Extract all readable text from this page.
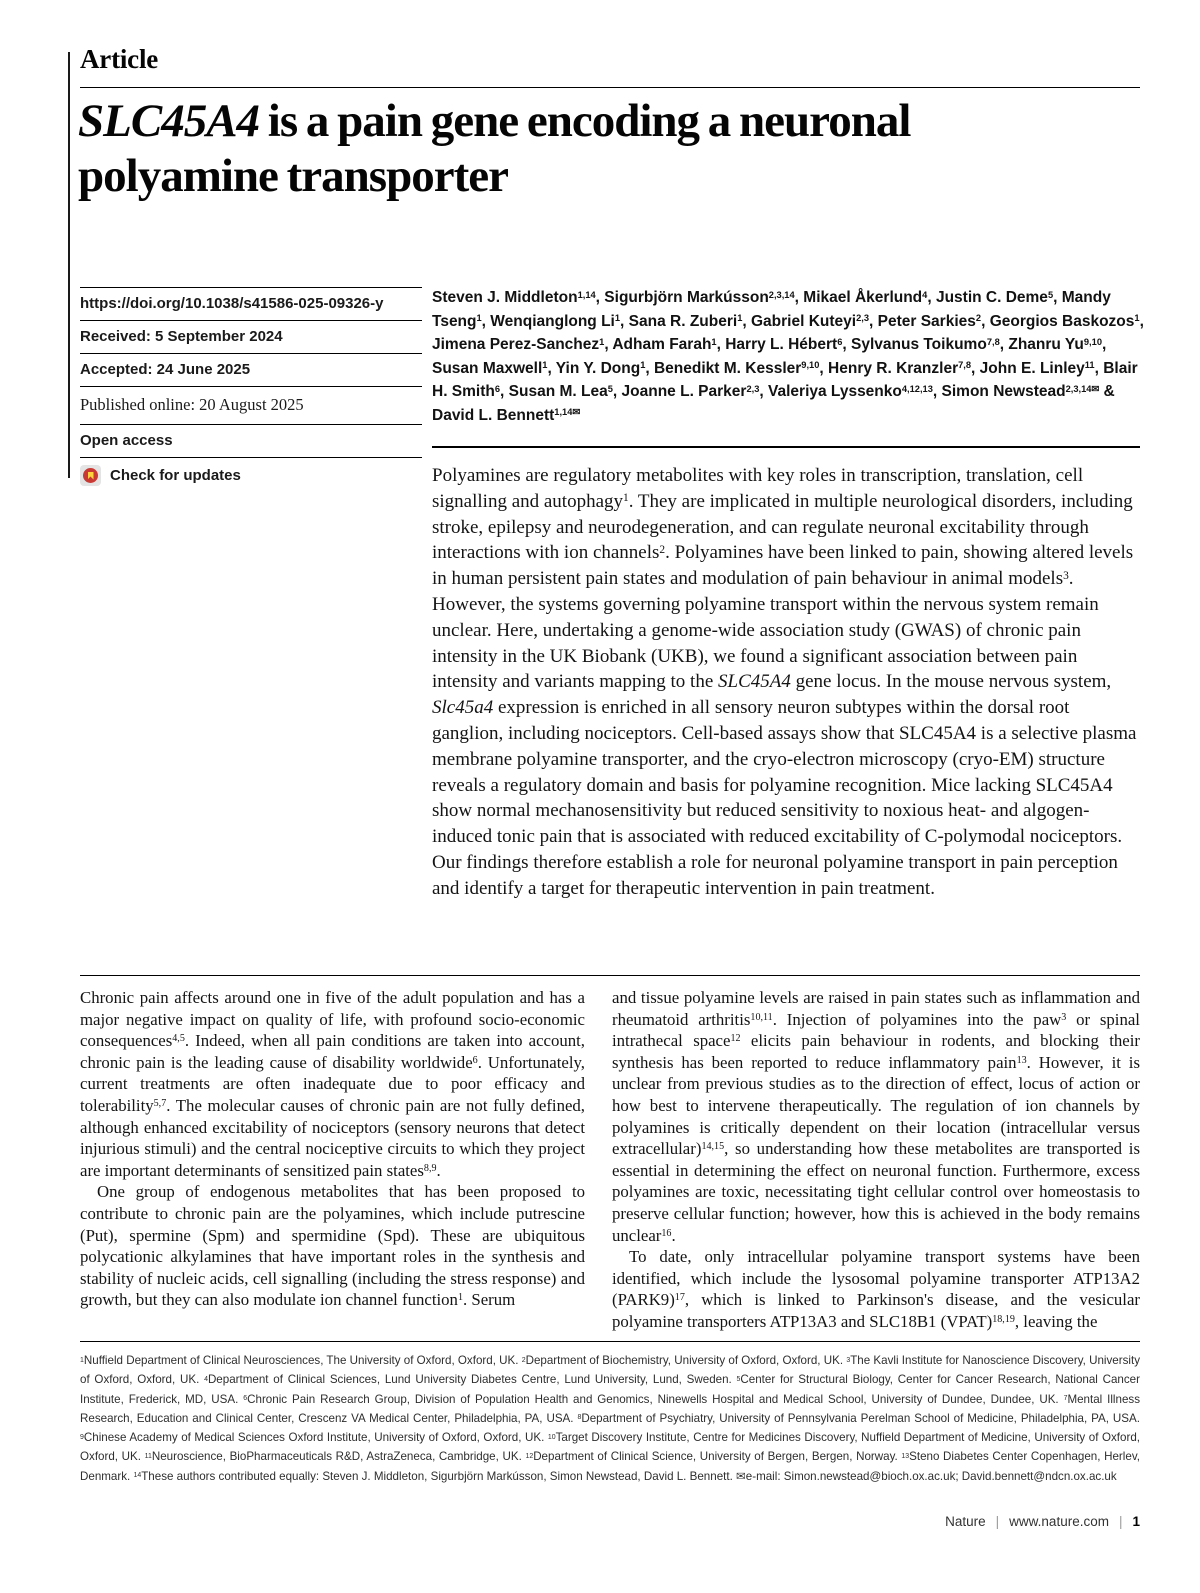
Article
SLC45A4 is a pain gene encoding a neuronal
polyamine transporter
https://doi.org/10.1038/s41586-025-09326-y
Received: 5 September 2024
Accepted: 24 June 2025
Published online: 20 August 2025
Open access
Check for updates
Steven J. Middleton$^{1,14}$, Sigurbjörn Markússon$^{2,3,14}$, Mikael Åkerlund$^4$, Justin C. Deme$^5$, Mandy Tseng$^1$, Wenqianglong Li$^1$, Sana R. Zuberi$^1$, Gabriel Kuteyi$^{2,3}$, Peter Sarkies$^2$, Georgios Baskozos$^1$, Jimena Perez-Sanchez$^1$, Adham Farah$^1$, Harry L. Hébert$^6$, Sylvanus Toikumo$^{7,8}$, Zhanru Yu$^{9,10}$, Susan Maxwell$^1$, Yin Y. Dong$^1$, Benedikt M. Kessler$^{9,10}$, Henry R. Kranzler$^{7,8}$, John E. Linley$^{11}$, Blair H. Smith$^6$, Susan M. Lea$^5$, Joanne L. Parker$^{2,3}$, Valeriya Lyssenko$^{4,12,13}$, Simon Newstead$^{2,3,14✉}$ & David L. Bennett$^{1,14✉}$
Polyamines are regulatory metabolites with key roles in transcription, translation, cell signalling and autophagy$^1$. They are implicated in multiple neurological disorders, including stroke, epilepsy and neurodegeneration, and can regulate neuronal excitability through interactions with ion channels$^2$. Polyamines have been linked to pain, showing altered levels in human persistent pain states and modulation of pain behaviour in animal models$^3$. However, the systems governing polyamine transport within the nervous system remain unclear. Here, undertaking a genome-wide association study (GWAS) of chronic pain intensity in the UK Biobank (UKB), we found a significant association between pain intensity and variants mapping to the SLC45A4 gene locus. In the mouse nervous system, Slc45a4 expression is enriched in all sensory neuron subtypes within the dorsal root ganglion, including nociceptors. Cell-based assays show that SLC45A4 is a selective plasma membrane polyamine transporter, and the cryo-electron microscopy (cryo-EM) structure reveals a regulatory domain and basis for polyamine recognition. Mice lacking SLC45A4 show normal mechanosensitivity but reduced sensitivity to noxious heat- and algogen-induced tonic pain that is associated with reduced excitability of C-polymodal nociceptors. Our findings therefore establish a role for neuronal polyamine transport in pain perception and identify a target for therapeutic intervention in pain treatment.

Chronic pain affects around one in five of the adult population and has a major negative impact on quality of life, with profound socio-economic consequences$^{4,5}$. Indeed, when all pain conditions are taken into account, chronic pain is the leading cause of disability worldwide$^6$. Unfortunately, current treatments are often inadequate due to poor efficacy and tolerability$^{5,7}$. The molecular causes of chronic pain are not fully defined, although enhanced excitability of nociceptors (sensory neurons that detect injurious stimuli) and the central nociceptive circuits to which they project are important determinants of sensitized pain states$^{8,9}$.

One group of endogenous metabolites that has been proposed to contribute to chronic pain are the polyamines, which include putrescine (Put), spermine (Spm) and spermidine (Spd). These are ubiquitous polycationic alkylamines that have important roles in the synthesis and stability of nucleic acids, cell signalling (including the stress response) and growth, but they can also modulate ion channel function$^1$. Serum

and tissue polyamine levels are raised in pain states such as inflammation and rheumatoid arthritis$^{10,11}$. Injection of polyamines into the paw$^3$ or spinal intrathecal space$^{12}$ elicits pain behaviour in rodents, and blocking their synthesis has been reported to reduce inflammatory pain$^{13}$. However, it is unclear from previous studies as to the direction of effect, locus of action or how best to intervene therapeutically. The regulation of ion channels by polyamines is critically dependent on their location (intracellular versus extracellular)$^{14,15}$, so understanding how these metabolites are transported is essential in determining the effect on neuronal function. Furthermore, excess polyamines are toxic, necessitating tight cellular control over homeostasis to preserve cellular function; however, how this is achieved in the body remains unclear$^{16}$.

To date, only intracellular polyamine transport systems have been identified, which include the lysosomal polyamine transporter ATP13A2 (PARK9)$^{17}$, which is linked to Parkinson's disease, and the vesicular polyamine transporters ATP13A3 and SLC18B1 (VPAT)$^{18,19}$, leaving the

$^1$Nuffield Department of Clinical Neurosciences, The University of Oxford, Oxford, UK. $^2$Department of Biochemistry, University of Oxford, Oxford, UK. $^3$The Kavli Institute for Nanoscience Discovery, University of Oxford, Oxford, UK. $^4$Department of Clinical Sciences, Lund University Diabetes Centre, Lund University, Lund, Sweden. $^5$Center for Structural Biology, Center for Cancer Research, National Cancer Institute, Frederick, MD, USA. $^6$Chronic Pain Research Group, Division of Population Health and Genomics, Ninewells Hospital and Medical School, University of Dundee, Dundee, UK. $^7$Mental Illness Research, Education and Clinical Center, Crescenz VA Medical Center, Philadelphia, PA, USA. $^8$Department of Psychiatry, University of Pennsylvania Perelman School of Medicine, Philadelphia, PA, USA. $^9$Chinese Academy of Medical Sciences Oxford Institute, University of Oxford, Oxford, UK. $^{10}$Target Discovery Institute, Centre for Medicines Discovery, Nuffield Department of Medicine, University of Oxford, Oxford, UK. $^{11}$Neuroscience, BioPharmaceuticals R&D, AstraZeneca, Cambridge, UK. $^{12}$Department of Clinical Science, University of Bergen, Bergen, Norway. $^{13}$Steno Diabetes Center Copenhagen, Herlev, Denmark. $^{14}$These authors contributed equally: Steven J. Middleton, Sigurbjörn Markússon, Simon Newstead, David L. Bennett. ✉e-mail: Simon.newstead@bioch.ox.ac.uk; David.bennett@ndcn.ox.ac.uk
Nature | www.nature.com | 1
